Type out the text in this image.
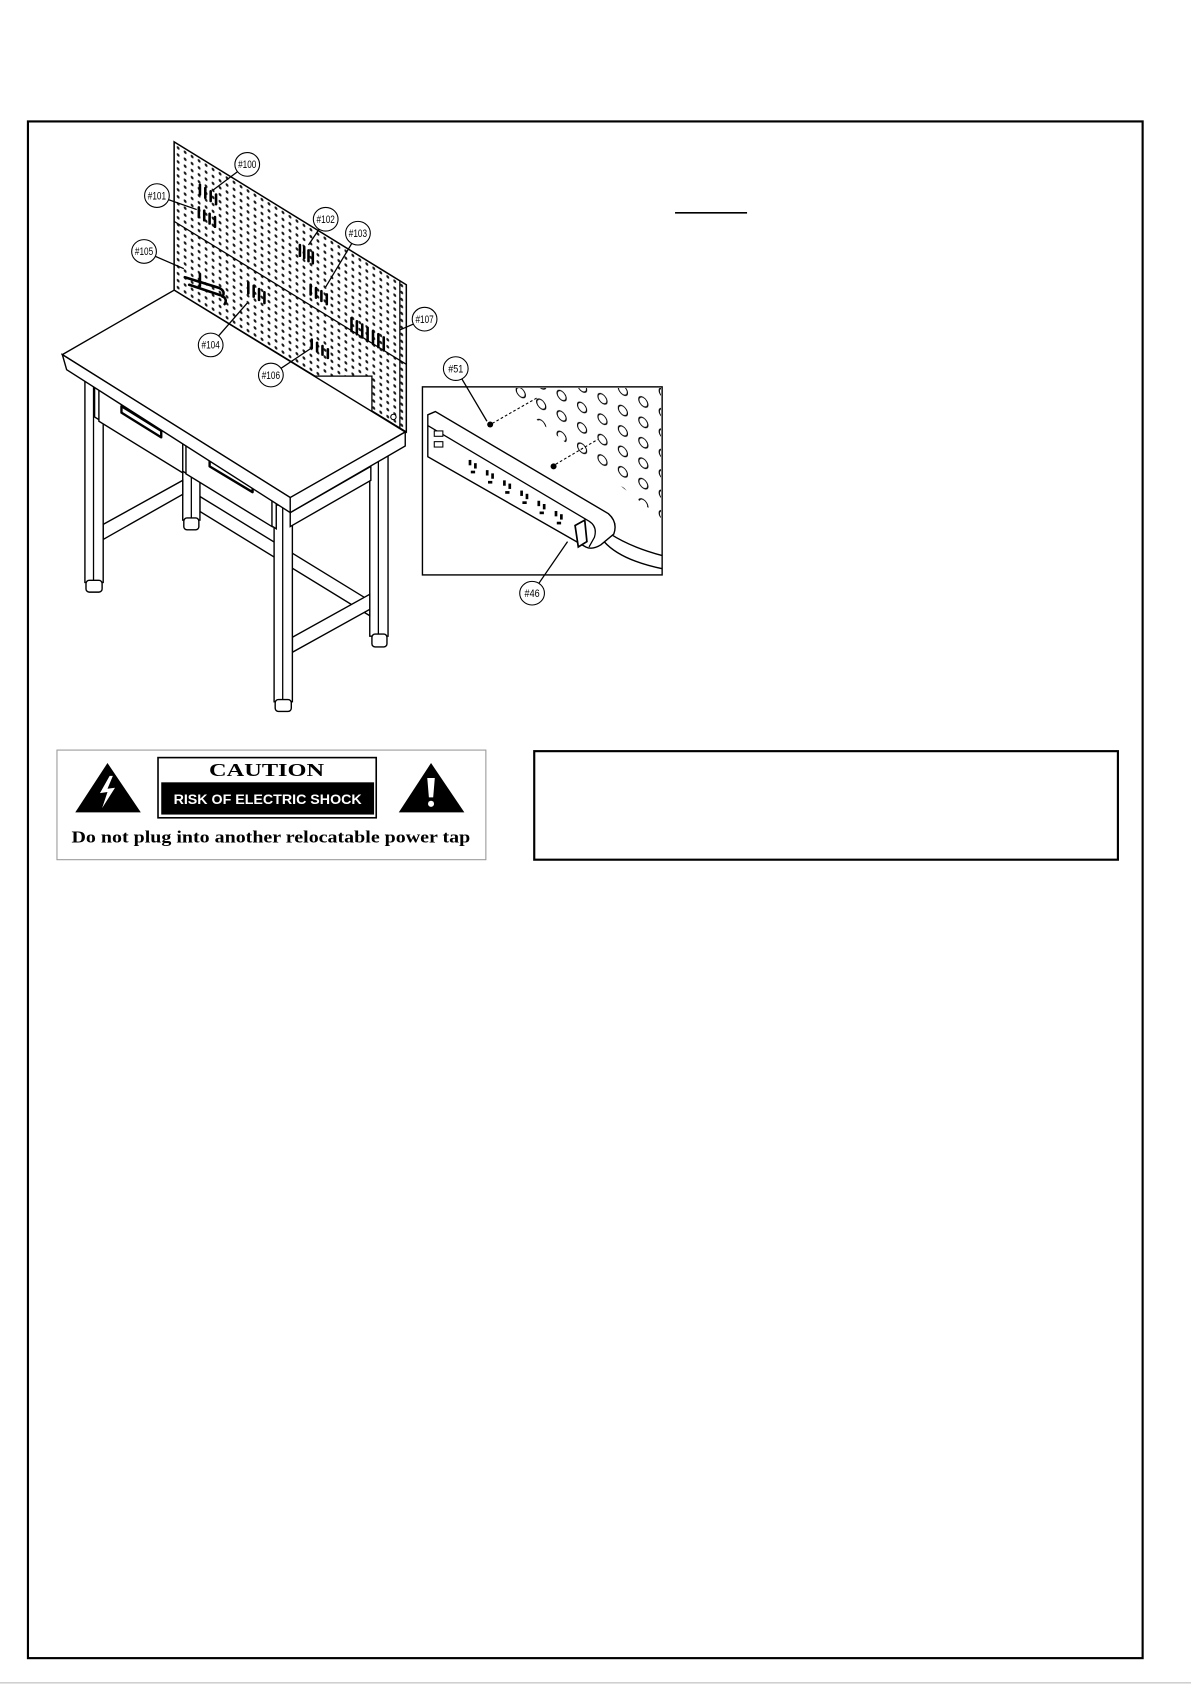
#100
#101
#102
#103
#104
#105
#106
#107
#51
#46
CAUTION
RISK OF ELECTRIC SHOCK
Do not plug into another relocatable power tap
